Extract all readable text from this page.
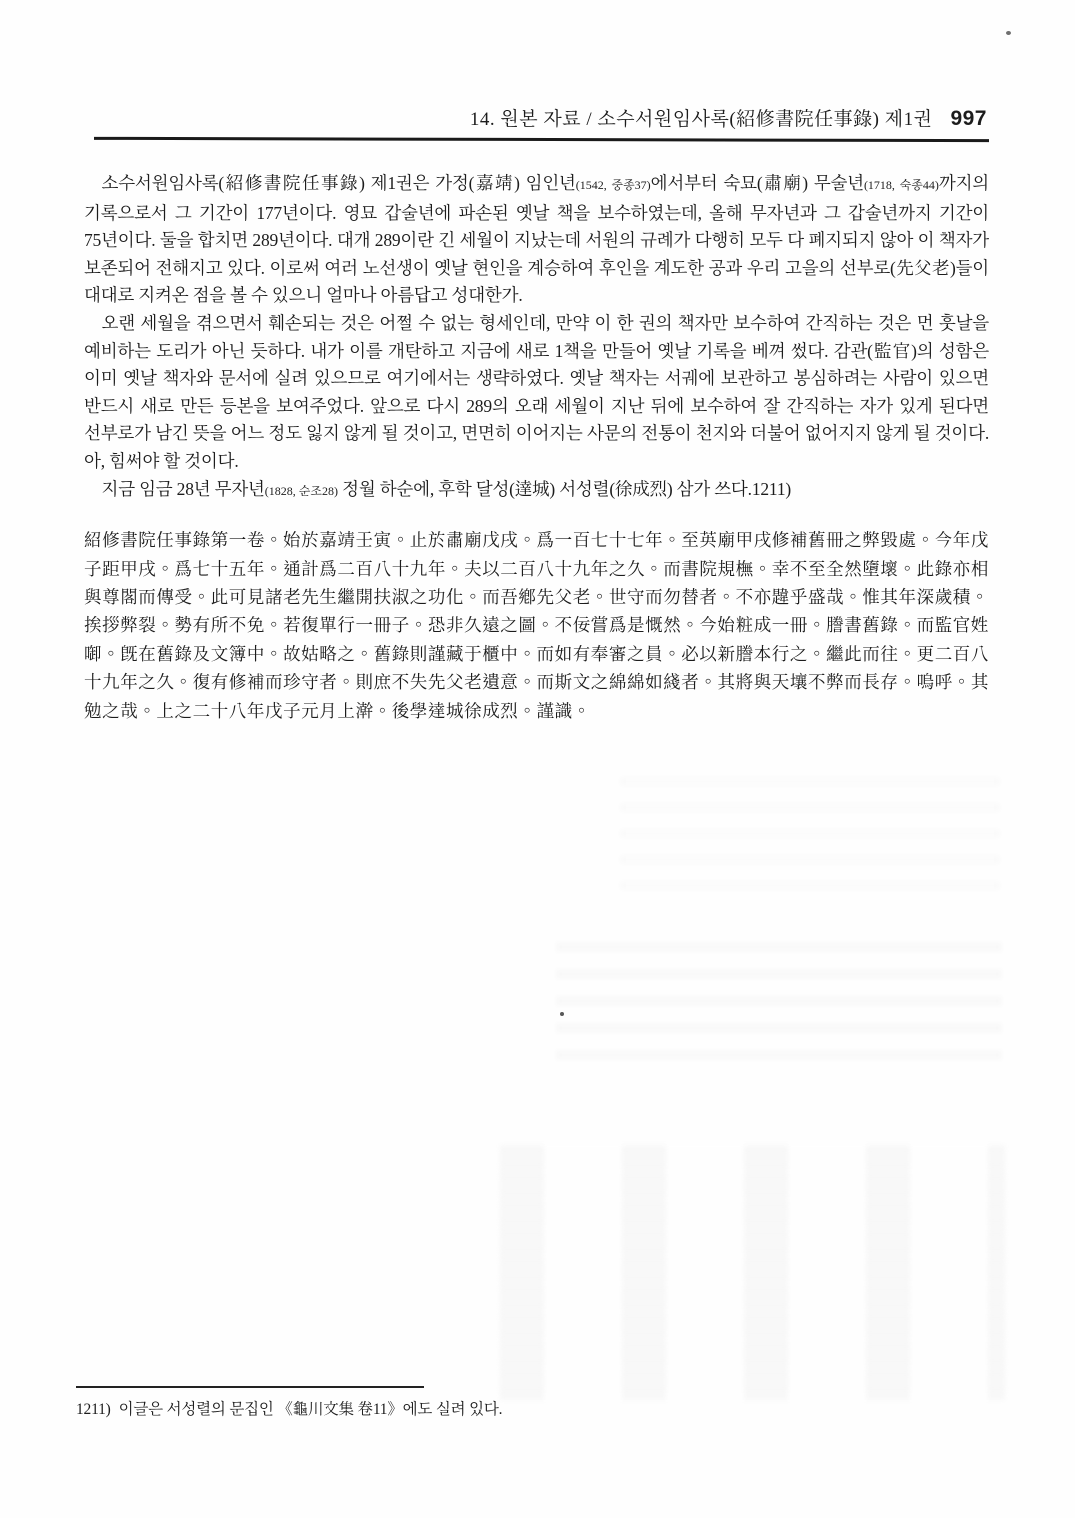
14. 원본 자료 / 소수서원임사록(紹修書院任事錄) 제1권 997

소수서원임사록(紹修書院任事錄) 제1권은 가정(嘉靖) 임인년(1542, 중종37)에서부터 숙묘(肅廟) 무술년(1718, 숙종44)까지의 기록으로서 그 기간이 177년이다. 영묘 갑술년에 파손된 옛날 책을 보수하였는데, 올해 무자년과 그 갑술년까지 기간이 75년이다. 둘을 합치면 289년이다. 대개 289이란 긴 세월이 지났는데 서원의 규례가 다행히 모두 다 폐지되지 않아 이 책자가 보존되어 전해지고 있다. 이로써 여러 노선생이 옛날 현인을 계승하여 후인을 계도한 공과 우리 고을의 선부로(先父老)들이 대대로 지켜온 점을 볼 수 있으니 얼마나 아름답고 성대한가.

오랜 세월을 겪으면서 훼손되는 것은 어쩔 수 없는 형세인데, 만약 이 한 권의 책자만 보수하여 간직하는 것은 먼 훗날을 예비하는 도리가 아닌 듯하다. 내가 이를 개탄하고 지금에 새로 1책을 만들어 옛날 기록을 베껴 썼다. 감관(監官)의 성함은 이미 옛날 책자와 문서에 실려 있으므로 여기에서는 생략하였다. 옛날 책자는 서궤에 보관하고 봉심하려는 사람이 있으면 반드시 새로 만든 등본을 보여주었다. 앞으로 다시 289의 오래 세월이 지난 뒤에 보수하여 잘 간직하는 자가 있게 된다면 선부로가 남긴 뜻을 어느 정도 잃지 않게 될 것이고, 면면히 이어지는 사문의 전통이 천지와 더불어 없어지지 않게 될 것이다. 아, 힘써야 할 것이다.

지금 임금 28년 무자년(1828, 순조28) 정월 하순에, 후학 달성(達城) 서성렬(徐成烈) 삼가 쓰다.1211)

紹修書院任事錄第一卷。始於嘉靖壬寅。止於肅廟戊戌。爲一百七十七年。至英廟甲戌修補舊冊之弊毀處。今年戊子距甲戌。爲七十五年。通計爲二百八十九年。夫以二百八十九年之久。而書院規橅。幸不至全然墮壞。此錄亦相與尊閣而傳受。此可見諸老先生繼開扶淑之功化。而吾鄕先父老。世守而勿替者。不亦韙乎盛哉。惟其年深歲積。挨拶弊裂。勢有所不免。若復單行一冊子。恐非久遠之圖。不佞嘗爲是慨然。今始粧成一冊。謄書舊錄。而監官姓啣。旣在舊錄及文簿中。故姑略之。舊錄則謹藏于櫃中。而如有奉審之員。必以新謄本行之。繼此而往。更二百八十九年之久。復有修補而珍守者。則庶不失先父老遺意。而斯文之綿綿如綫者。其將與天壤不弊而長存。嗚呼。其勉之哉。上之二十八年戊子元月上澣。後學達城徐成烈。謹識。

1211) 이글은 서성렬의 문집인 《龜川文集 卷11》에도 실려 있다.
